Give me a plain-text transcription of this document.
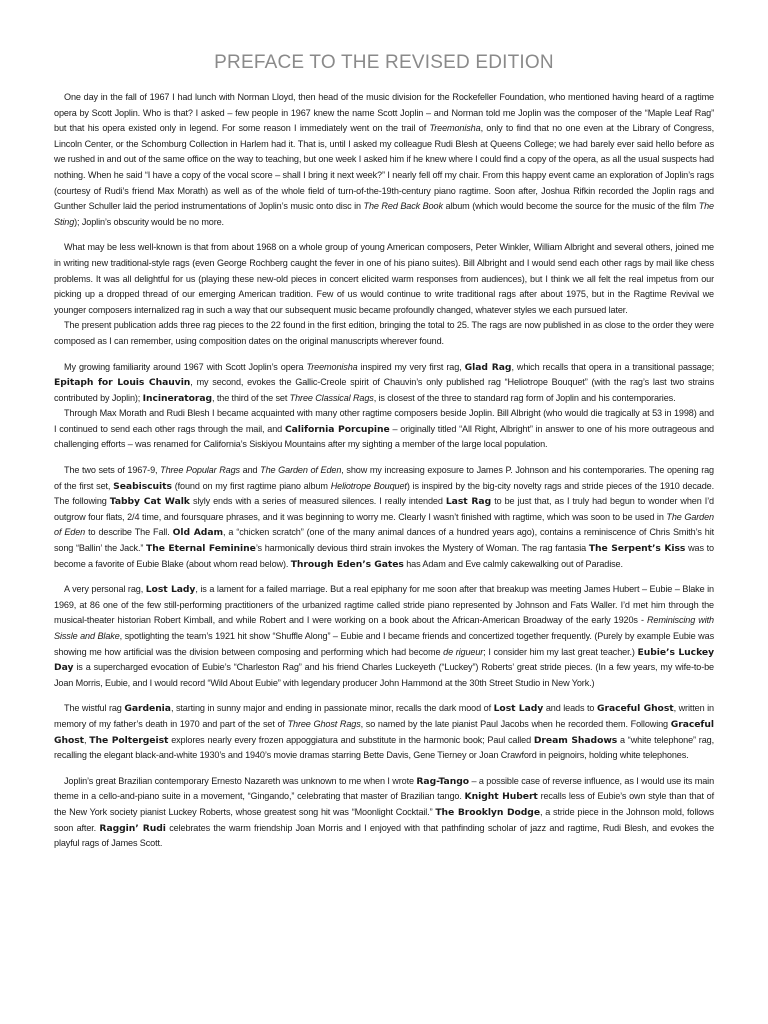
PREFACE TO THE REVISED EDITION

One day in the fall of 1967 I had lunch with Norman Lloyd, then head of the music division for the Rockefeller Foundation, who mentioned having heard of a ragtime opera by Scott Joplin. Who is that? I asked – few people in 1967 knew the name Scott Joplin – and Norman told me Joplin was the composer of the “Maple Leaf Rag” but that his opera existed only in legend. For some reason I immediately went on the trail of Treemonisha, only to find that no one even at the Library of Congress, Lincoln Center, or the Schomburg Collection in Harlem had it. That is, until I asked my colleague Rudi Blesh at Queens College; we had barely ever said hello before as we rushed in and out of the same office on the way to teaching, but one week I asked him if he knew where I could find a copy of the opera, as all the usual suspects had nothing. When he said “I have a copy of the vocal score – shall I bring it next week?” I nearly fell off my chair. From this happy event came an exploration of Joplin’s rags (courtesy of Rudi’s friend Max Morath) as well as of the whole field of turn-of-the-19th-century piano ragtime. Soon after, Joshua Rifkin recorded the Joplin rags and Gunther Schuller laid the period instrumentations of Joplin’s music onto disc in The Red Back Book album (which would become the source for the music of the film The Sting); Joplin’s obscurity would be no more.

What may be less well-known is that from about 1968 on a whole group of young American composers, Peter Winkler, William Albright and several others, joined me in writing new traditional-style rags (even George Rochberg caught the fever in one of his piano suites). Bill Albright and I would send each other rags by mail like chess problems. It was all delightful for us (playing these new-old pieces in concert elicited warm responses from audiences), but I think we all felt the real impetus from our picking up a dropped thread of our emerging American tradition. Few of us would continue to write traditional rags after about 1975, but in the Ragtime Revival we younger composers internalized rag in such a way that our subsequent music became profoundly changed, whatever styles we each pursued later.

The present publication adds three rag pieces to the 22 found in the first edition, bringing the total to 25. The rags are now published in as close to the order they were composed as I can remember, using composition dates on the original manuscripts wherever found.

My growing familiarity around 1967 with Scott Joplin’s opera Treemonisha inspired my very first rag, Glad Rag, which recalls that opera in a transitional passage; Epitaph for Louis Chauvin, my second, evokes the Gallic-Creole spirit of Chauvin’s only published rag “Heliotrope Bouquet” (with the rag’s last two strains contributed by Joplin); Incineratorag, the third of the set Three Classical Rags, is closest of the three to standard rag form of Joplin and his contemporaries.

Through Max Morath and Rudi Blesh I became acquainted with many other ragtime composers beside Joplin. Bill Albright (who would die tragically at 53 in 1998) and I continued to send each other rags through the mail, and California Porcupine – originally titled “All Right, Albright” in answer to one of his more outrageous and challenging efforts – was renamed for California’s Siskiyou Mountains after my sighting a member of the large local population.

The two sets of 1967-9, Three Popular Rags and The Garden of Eden, show my increasing exposure to James P. Johnson and his contemporaries. The opening rag of the first set, Seabiscuits (found on my first ragtime piano album Heliotrope Bouquet) is inspired by the big-city novelty rags and stride pieces of the 1910 decade. The following Tabby Cat Walk slyly ends with a series of measured silences. I really intended Last Rag to be just that, as I truly had begun to wonder when I’d outgrow four flats, 2/4 time, and foursquare phrases, and it was beginning to worry me. Clearly I wasn’t finished with ragtime, which was soon to be used in The Garden of Eden to describe The Fall. Old Adam, a “chicken scratch” (one of the many animal dances of a hundred years ago), contains a reminiscence of Chris Smith’s hit song “Ballin’ the Jack.” The Eternal Feminine’s harmonically devious third strain invokes the Mystery of Woman. The rag fantasia The Serpent’s Kiss was to become a favorite of Eubie Blake (about whom read below). Through Eden’s Gates has Adam and Eve calmly cakewalking out of Paradise.

A very personal rag, Lost Lady, is a lament for a failed marriage. But a real epiphany for me soon after that breakup was meeting James Hubert – Eubie – Blake in 1969, at 86 one of the few still-performing practitioners of the urbanized ragtime called stride piano represented by Johnson and Fats Waller. I’d met him through the musical-theater historian Robert Kimball, and while Robert and I were working on a book about the African-American Broadway of the early 1920s - Reminiscing with Sissle and Blake, spotlighting the team’s 1921 hit show “Shuffle Along” – Eubie and I became friends and concertized together frequently. (Purely by example Eubie was showing me how artificial was the division between composing and performing which had become de rigueur; I consider him my last great teacher.) Eubie’s Luckey Day is a supercharged evocation of Eubie’s “Charleston Rag” and his friend Charles Luckeyeth (“Luckey”) Roberts’ great stride pieces. (In a few years, my wife-to-be Joan Morris, Eubie, and I would record “Wild About Eubie” with legendary producer John Hammond at the 30th Street Studio in New York.)

The wistful rag Gardenia, starting in sunny major and ending in passionate minor, recalls the dark mood of Lost Lady and leads to Graceful Ghost, written in memory of my father’s death in 1970 and part of the set of Three Ghost Rags, so named by the late pianist Paul Jacobs when he recorded them. Following Graceful Ghost, The Poltergeist explores nearly every frozen appoggiatura and substitute in the harmonic book; Paul called Dream Shadows a “white telephone” rag, recalling the elegant black-and-white 1930’s and 1940’s movie dramas starring Bette Davis, Gene Tierney or Joan Crawford in peignoirs, holding white telephones.

Joplin’s great Brazilian contemporary Ernesto Nazareth was unknown to me when I wrote Rag-Tango – a possible case of reverse influence, as I would use its main theme in a cello-and-piano suite in a movement, “Gingando,” celebrating that master of Brazilian tango. Knight Hubert recalls less of Eubie’s own style than that of the New York society pianist Luckey Roberts, whose greatest song hit was “Moonlight Cocktail.” The Brooklyn Dodge, a stride piece in the Johnson mold, follows soon after. Raggin’ Rudi celebrates the warm friendship Joan Morris and I enjoyed with that pathfinding scholar of jazz and ragtime, Rudi Blesh, and evokes the playful rags of James Scott.
